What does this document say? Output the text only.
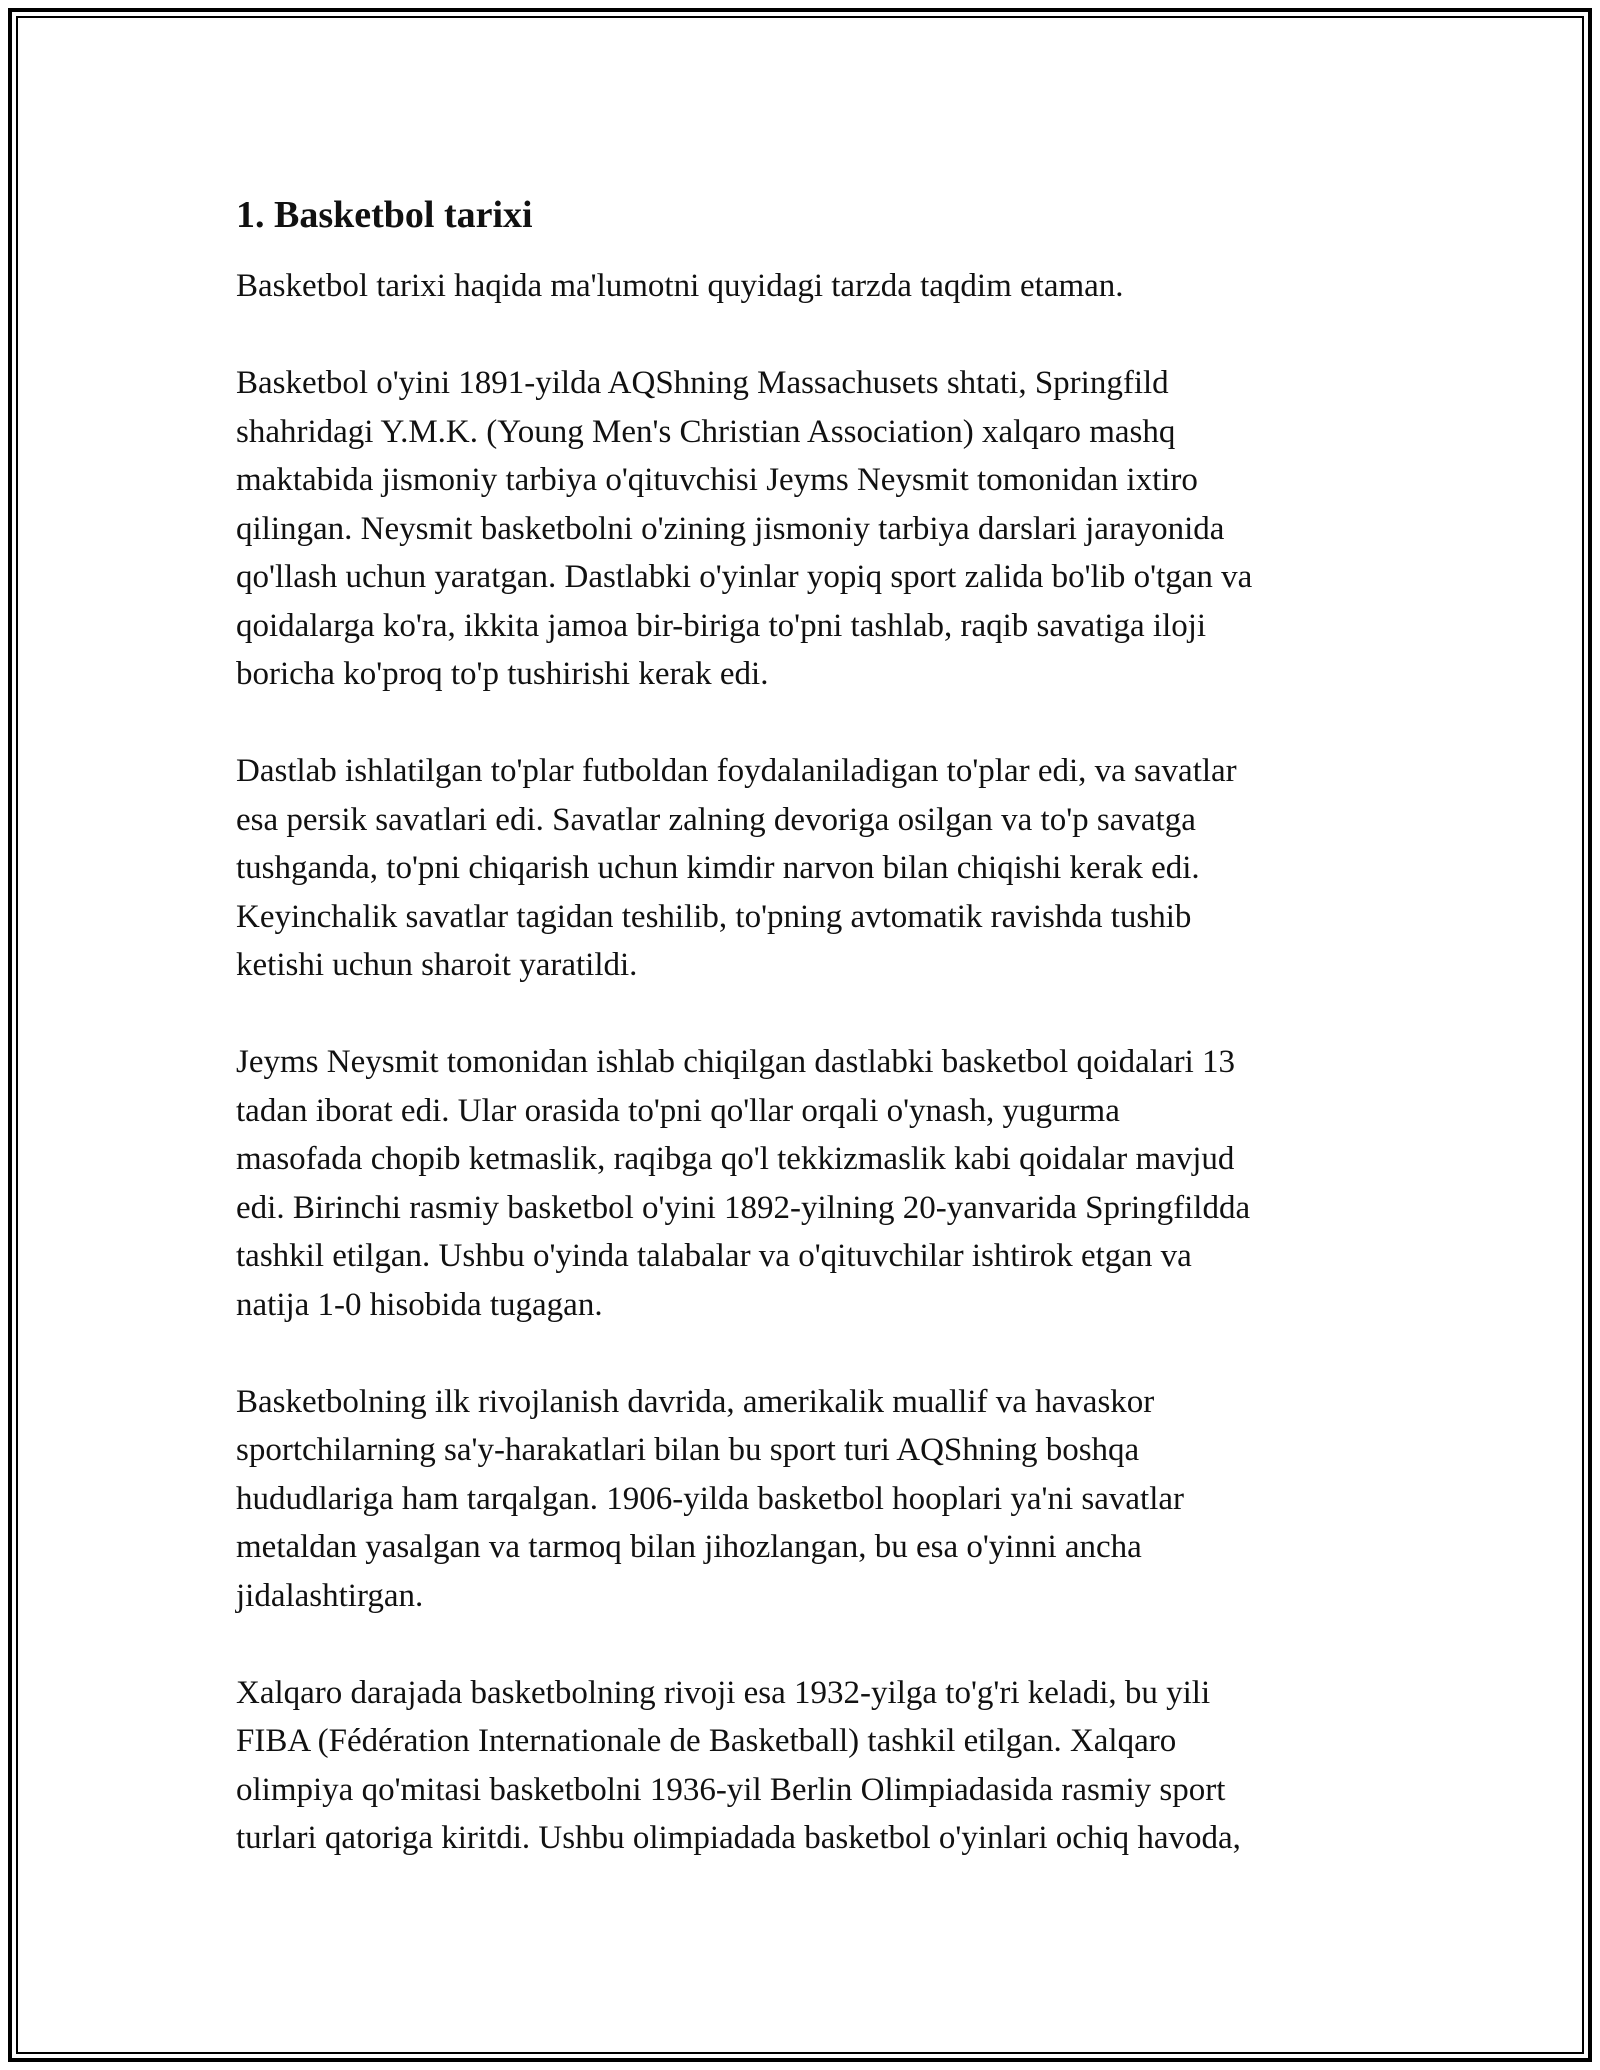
1. Basketbol tarixi

Basketbol tarixi haqida ma'lumotni quyidagi tarzda taqdim etaman.

Basketbol o'yini 1891-yilda AQShning Massachusets shtati, Springfild
shahridagi Y.M.K. (Young Men's Christian Association) xalqaro mashq
maktabida jismoniy tarbiya o'qituvchisi Jeyms Neysmit tomonidan ixtiro
qilingan. Neysmit basketbolni o'zining jismoniy tarbiya darslari jarayonida
qo'llash uchun yaratgan. Dastlabki o'yinlar yopiq sport zalida bo'lib o'tgan va
qoidalarga ko'ra, ikkita jamoa bir-biriga to'pni tashlab, raqib savatiga iloji
boricha ko'proq to'p tushirishi kerak edi.

Dastlab ishlatilgan to'plar futboldan foydalaniladigan to'plar edi, va savatlar
esa persik savatlari edi. Savatlar zalning devoriga osilgan va to'p savatga
tushganda, to'pni chiqarish uchun kimdir narvon bilan chiqishi kerak edi.
Keyinchalik savatlar tagidan teshilib, to'pning avtomatik ravishda tushib
ketishi uchun sharoit yaratildi.

Jeyms Neysmit tomonidan ishlab chiqilgan dastlabki basketbol qoidalari 13
tadan iborat edi. Ular orasida to'pni qo'llar orqali o'ynash, yugurma
masofada chopib ketmaslik, raqibga qo'l tekkizmaslik kabi qoidalar mavjud
edi. Birinchi rasmiy basketbol o'yini 1892-yilning 20-yanvarida Springfildda
tashkil etilgan. Ushbu o'yinda talabalar va o'qituvchilar ishtirok etgan va
natija 1-0 hisobida tugagan.

Basketbolning ilk rivojlanish davrida, amerikalik muallif va havaskor
sportchilarning sa'y-harakatlari bilan bu sport turi AQShning boshqa
hududlariga ham tarqalgan. 1906-yilda basketbol hooplari ya'ni savatlar
metaldan yasalgan va tarmoq bilan jihozlangan, bu esa o'yinni ancha
jidalashtirgan.

Xalqaro darajada basketbolning rivoji esa 1932-yilga to'g'ri keladi, bu yili
FIBA (Fédération Internationale de Basketball) tashkil etilgan. Xalqaro
olimpiya qo'mitasi basketbolni 1936-yil Berlin Olimpiadasida rasmiy sport
turlari qatoriga kiritdi. Ushbu olimpiadada basketbol o'yinlari ochiq havoda,
